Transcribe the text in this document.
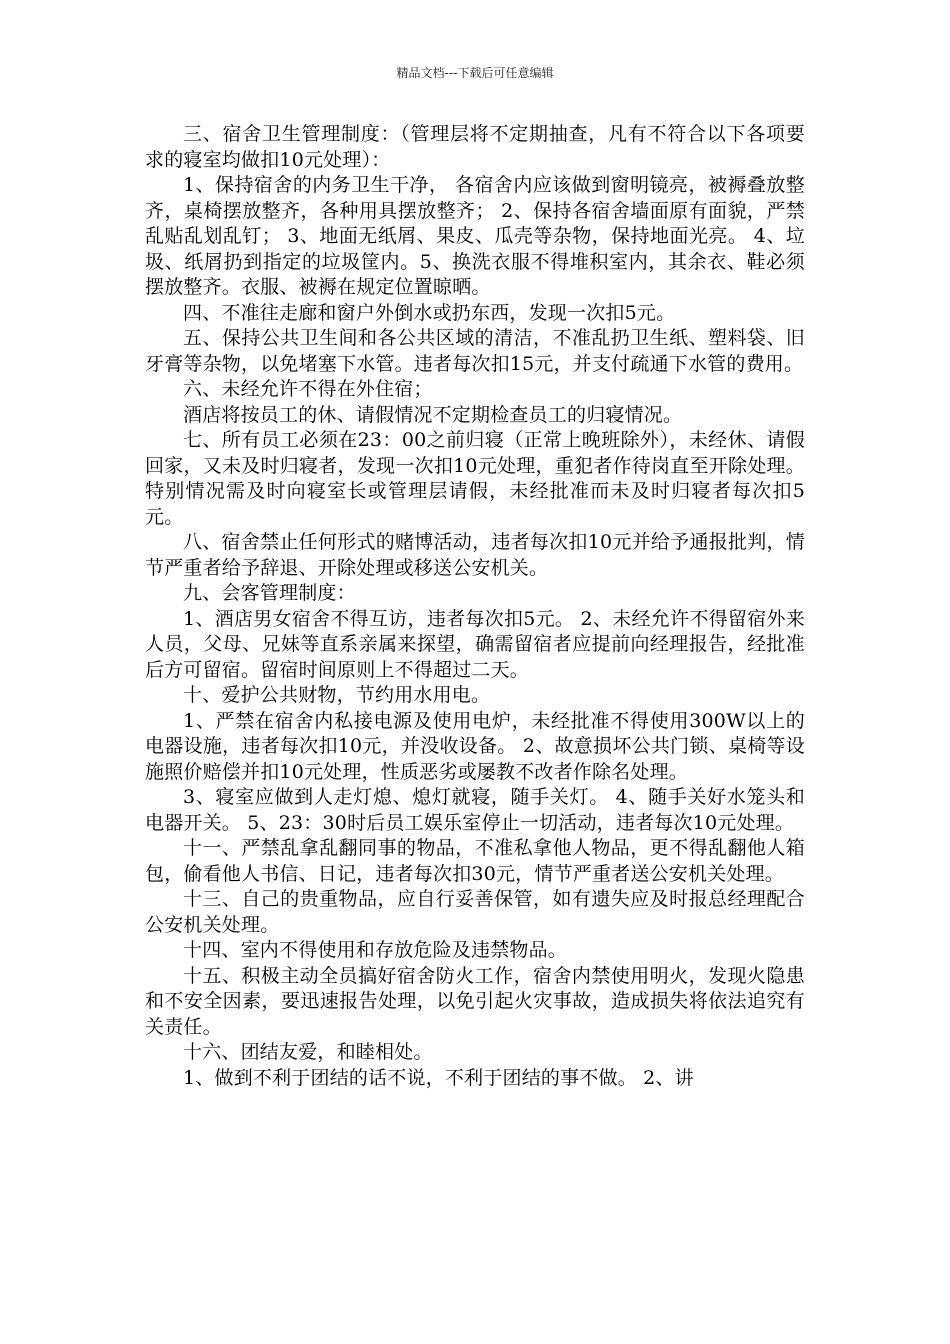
精品文档---下载后可任意编辑

三、宿舍卫生管理制度：（管理层将不定期抽查，凡有不符合以下各项要求的寝室均做扣10元处理）：

1、保持宿舍的内务卫生干净， 各宿舍内应该做到窗明镜亮，被褥叠放整齐，桌椅摆放整齐，各种用具摆放整齐； 2、保持各宿舍墙面原有面貌，严禁乱贴乱划乱钉； 3、地面无纸屑、果皮、瓜壳等杂物，保持地面光亮。 4、垃圾、纸屑扔到指定的垃圾筐内。5、换洗衣服不得堆积室内，其余衣、鞋必须摆放整齐。衣服、被褥在规定位置晾晒。

四、不准往走廊和窗户外倒水或扔东西，发现一次扣5元。

五、保持公共卫生间和各公共区域的清洁，不准乱扔卫生纸、塑料袋、旧牙膏等杂物，以免堵塞下水管。违者每次扣15元，并支付疏通下水管的费用。

六、未经允许不得在外住宿；

酒店将按员工的休、请假情况不定期检查员工的归寝情况。

七、所有员工必须在23：00之前归寝（正常上晚班除外），未经休、请假回家，又未及时归寝者，发现一次扣10元处理，重犯者作待岗直至开除处理。特别情况需及时向寝室长或管理层请假，未经批准而未及时归寝者每次扣5元。

八、宿舍禁止任何形式的赌博活动，违者每次扣10元并给予通报批判，情节严重者给予辞退、开除处理或移送公安机关。

九、会客管理制度：

1、酒店男女宿舍不得互访，违者每次扣5元。 2、未经允许不得留宿外来人员，父母、兄妹等直系亲属来探望，确需留宿者应提前向经理报告，经批准后方可留宿。留宿时间原则上不得超过二天。

十、爱护公共财物，节约用水用电。

1、严禁在宿舍内私接电源及使用电炉，未经批准不得使用300W以上的电器设施，违者每次扣10元，并没收设备。 2、故意损坏公共门锁、桌椅等设施照价赔偿并扣10元处理，性质恶劣或屡教不改者作除名处理。

3、寝室应做到人走灯熄、熄灯就寝，随手关灯。 4、随手关好水笼头和电器开关。 5、23：30时后员工娱乐室停止一切活动，违者每次10元处理。

十一、严禁乱拿乱翻同事的物品，不准私拿他人物品，更不得乱翻他人箱包，偷看他人书信、日记，违者每次扣30元，情节严重者送公安机关处理。

十三、自己的贵重物品，应自行妥善保管，如有遗失应及时报总经理配合公安机关处理。

十四、室内不得使用和存放危险及违禁物品。

十五、积极主动全员搞好宿舍防火工作，宿舍内禁使用明火，发现火隐患和不安全因素，要迅速报告处理，以免引起火灾事故，造成损失将依法追究有关责任。

十六、团结友爱，和睦相处。

1、做到不利于团结的话不说，不利于团结的事不做。 2、讲
